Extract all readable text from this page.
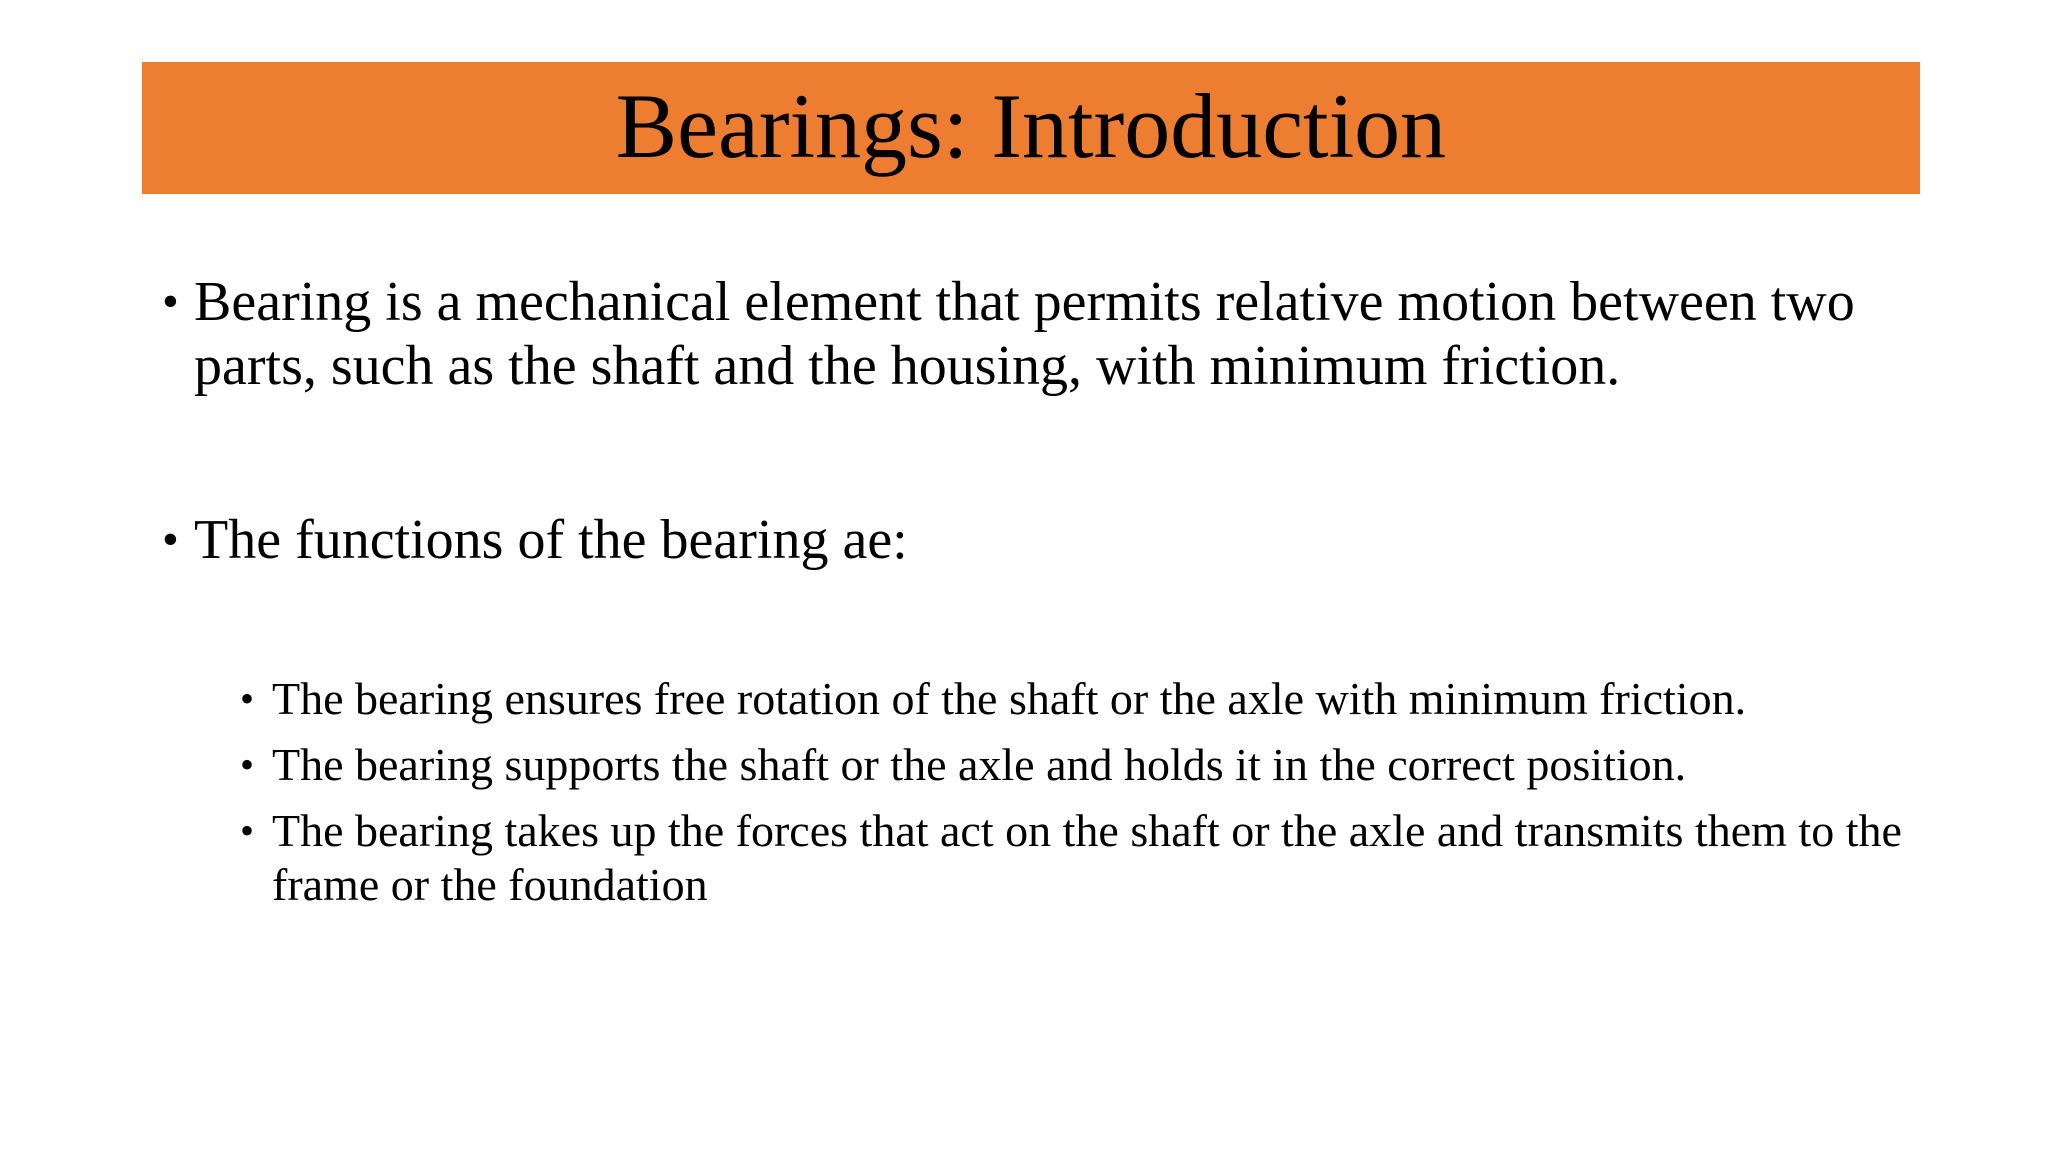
Bearings: Introduction
• Bearing is a mechanical element that permits relative motion between two parts, such as the shaft and the housing, with minimum friction.
• The functions of the bearing ae:
• The bearing ensures free rotation of the shaft or the axle with minimum friction.
• The bearing supports the shaft or the axle and holds it in the correct position.
• The bearing takes up the forces that act on the shaft or the axle and transmits them to the frame or the foundation
